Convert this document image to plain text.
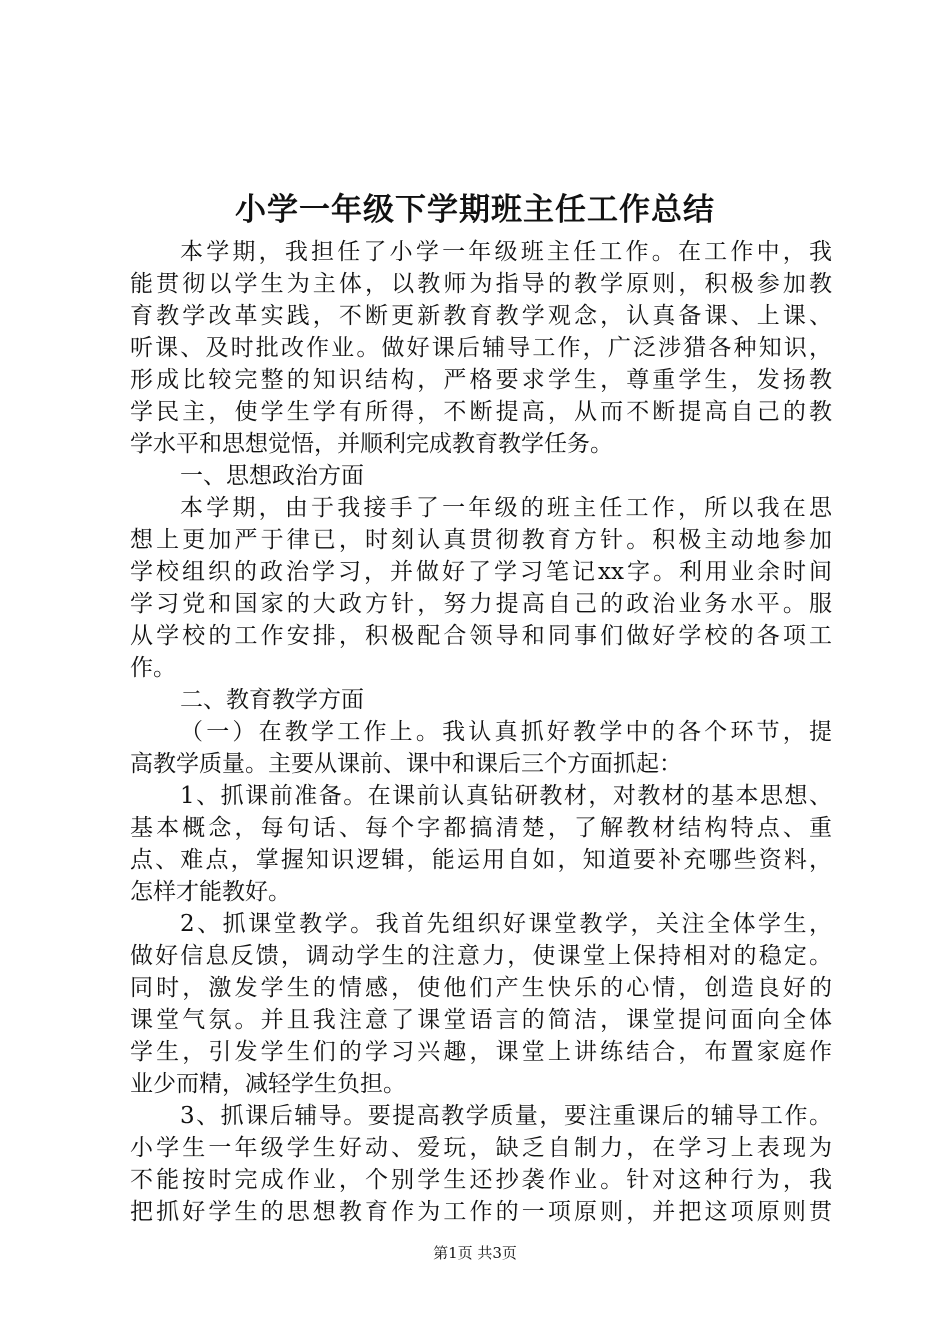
小学一年级下学期班主任工作总结
本学期，我担任了小学一年级班主任工作。在工作中，我
能贯彻以学生为主体，以教师为指导的教学原则，积极参加教
育教学改革实践，不断更新教育教学观念，认真备课、上课、
听课、及时批改作业。做好课后辅导工作，广泛涉猎各种知识，
形成比较完整的知识结构，严格要求学生，尊重学生，发扬教
学民主，使学生学有所得，不断提高，从而不断提高自己的教
学水平和思想觉悟，并顺利完成教育教学任务。
一、思想政治方面
本学期，由于我接手了一年级的班主任工作，所以我在思
想上更加严于律已，时刻认真贯彻教育方针。积极主动地参加
学校组织的政治学习，并做好了学习笔记xx字。利用业余时间
学习党和国家的大政方针，努力提高自己的政治业务水平。服
从学校的工作安排，积极配合领导和同事们做好学校的各项工
作。
二、教育教学方面
（一）在教学工作上。我认真抓好教学中的各个环节，提
高教学质量。主要从课前、课中和课后三个方面抓起：
1、抓课前准备。在课前认真钻研教材，对教材的基本思想、
基本概念，每句话、每个字都搞清楚，了解教材结构特点、重
点、难点，掌握知识逻辑，能运用自如，知道要补充哪些资料，
怎样才能教好。
2、抓课堂教学。我首先组织好课堂教学，关注全体学生，
做好信息反馈，调动学生的注意力，使课堂上保持相对的稳定。
同时，激发学生的情感，使他们产生快乐的心情，创造良好的
课堂气氛。并且我注意了课堂语言的简洁，课堂提问面向全体
学生，引发学生们的学习兴趣，课堂上讲练结合，布置家庭作
业少而精，减轻学生负担。
3、抓课后辅导。要提高教学质量，要注重课后的辅导工作。
小学生一年级学生好动、爱玩，缺乏自制力，在学习上表现为
不能按时完成作业，个别学生还抄袭作业。针对这种行为，我
把抓好学生的思想教育作为工作的一项原则，并把这项原则贯
第1页 共3页
